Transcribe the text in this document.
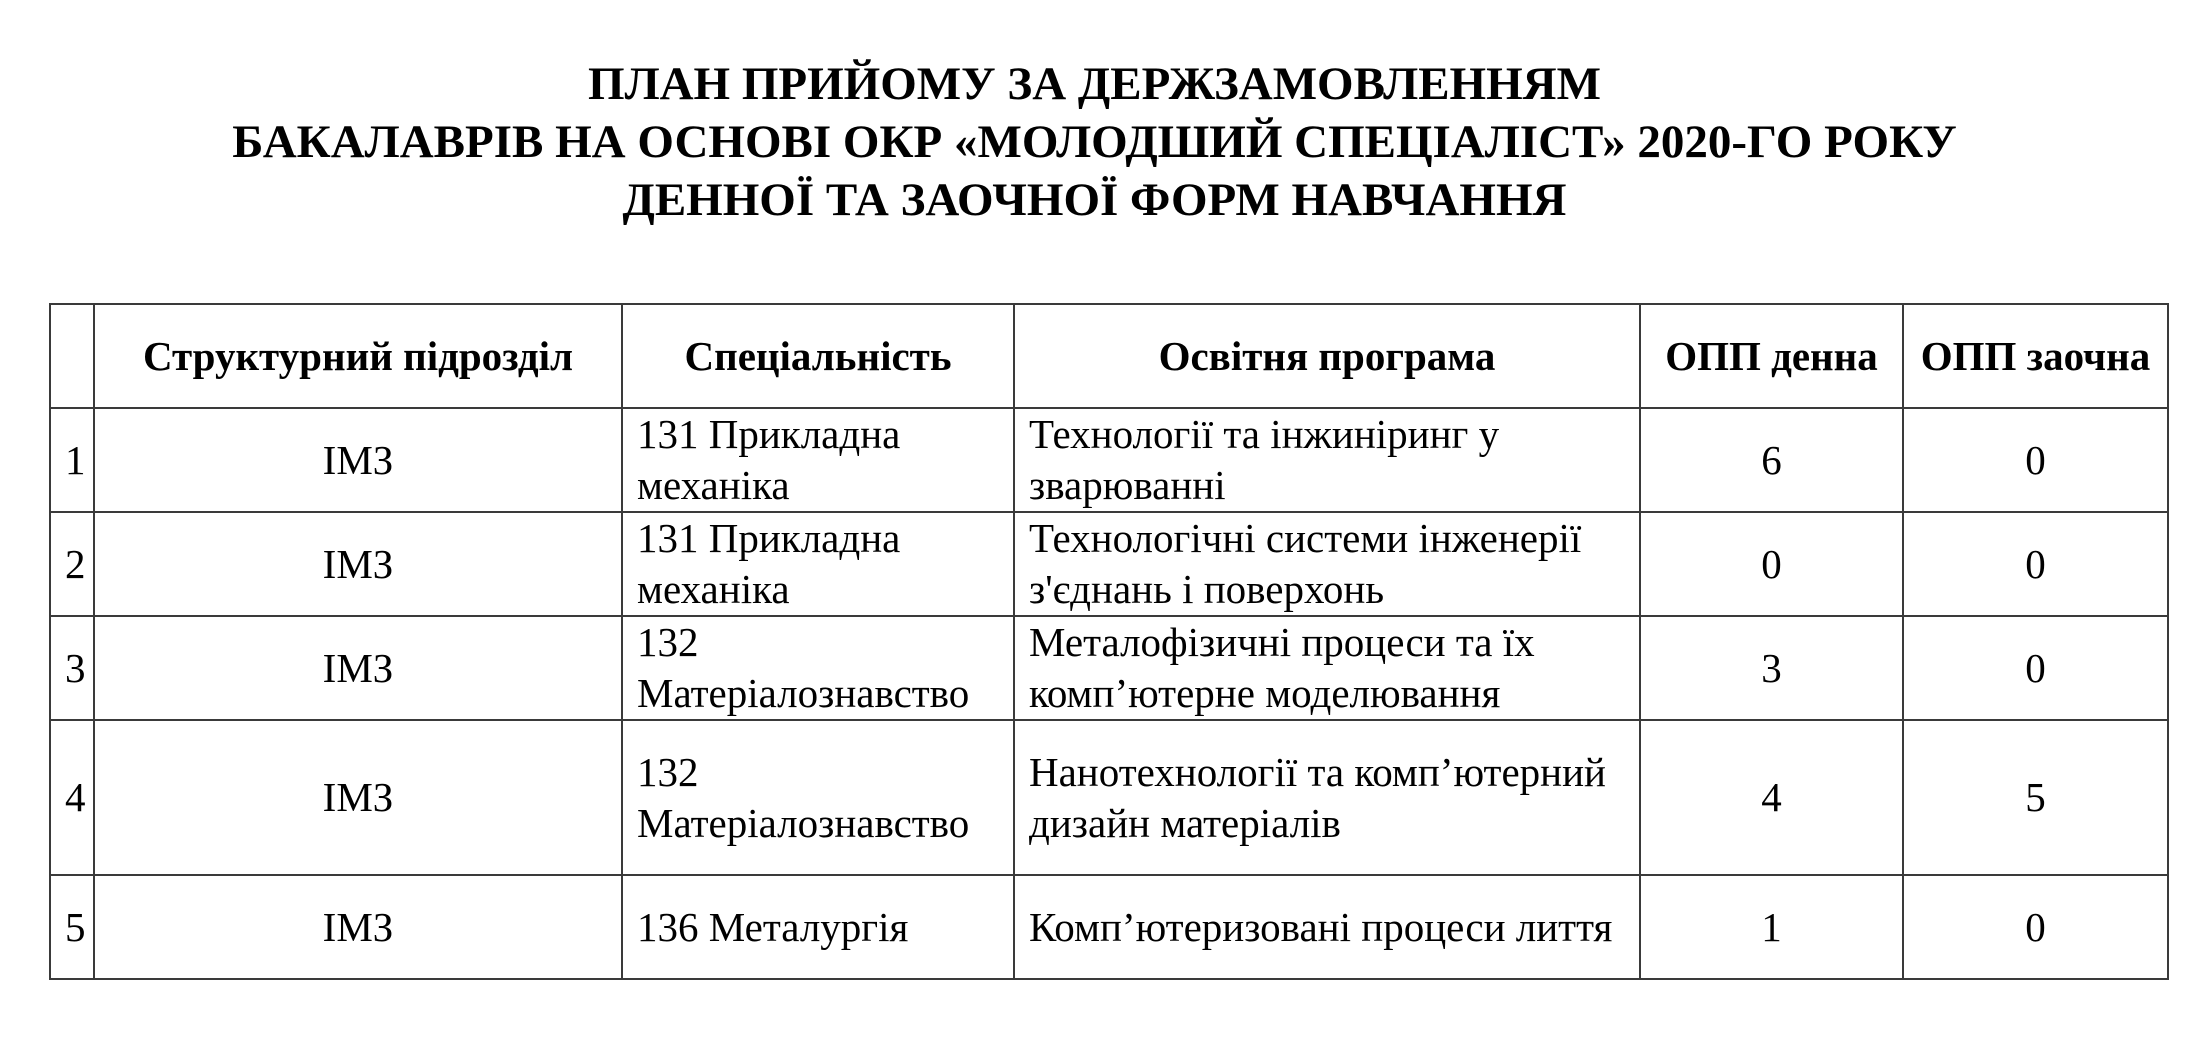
ПЛАН ПРИЙОМУ ЗА ДЕРЖЗАМОВЛЕННЯМ
БАКАЛАВРІВ НА ОСНОВІ ОКР «МОЛОДШИЙ СПЕЦІАЛІСТ» 2020-ГО РОКУ
ДЕННОЇ ТА ЗАОЧНОЇ ФОРМ НАВЧАННЯ
	Структурний підрозділ	Спеціальність	Освітня програма	ОПП денна	ОПП заочна
1	ІМЗ	131 Прикладна механіка	Технології та інжиніринг у зварюванні	6	0
2	ІМЗ	131 Прикладна механіка	Технологічні системи інженерії з'єднань і поверхонь	0	0
3	ІМЗ	132 Матеріалознавство	Металофізичні процеси та їх комп’ютерне моделювання	3	0
4	ІМЗ	132 Матеріалознавство	Нанотехнології та комп’ютерний дизайн матеріалів	4	5
5	ІМЗ	136 Металургія	Комп’ютеризовані процеси лиття	1	0
